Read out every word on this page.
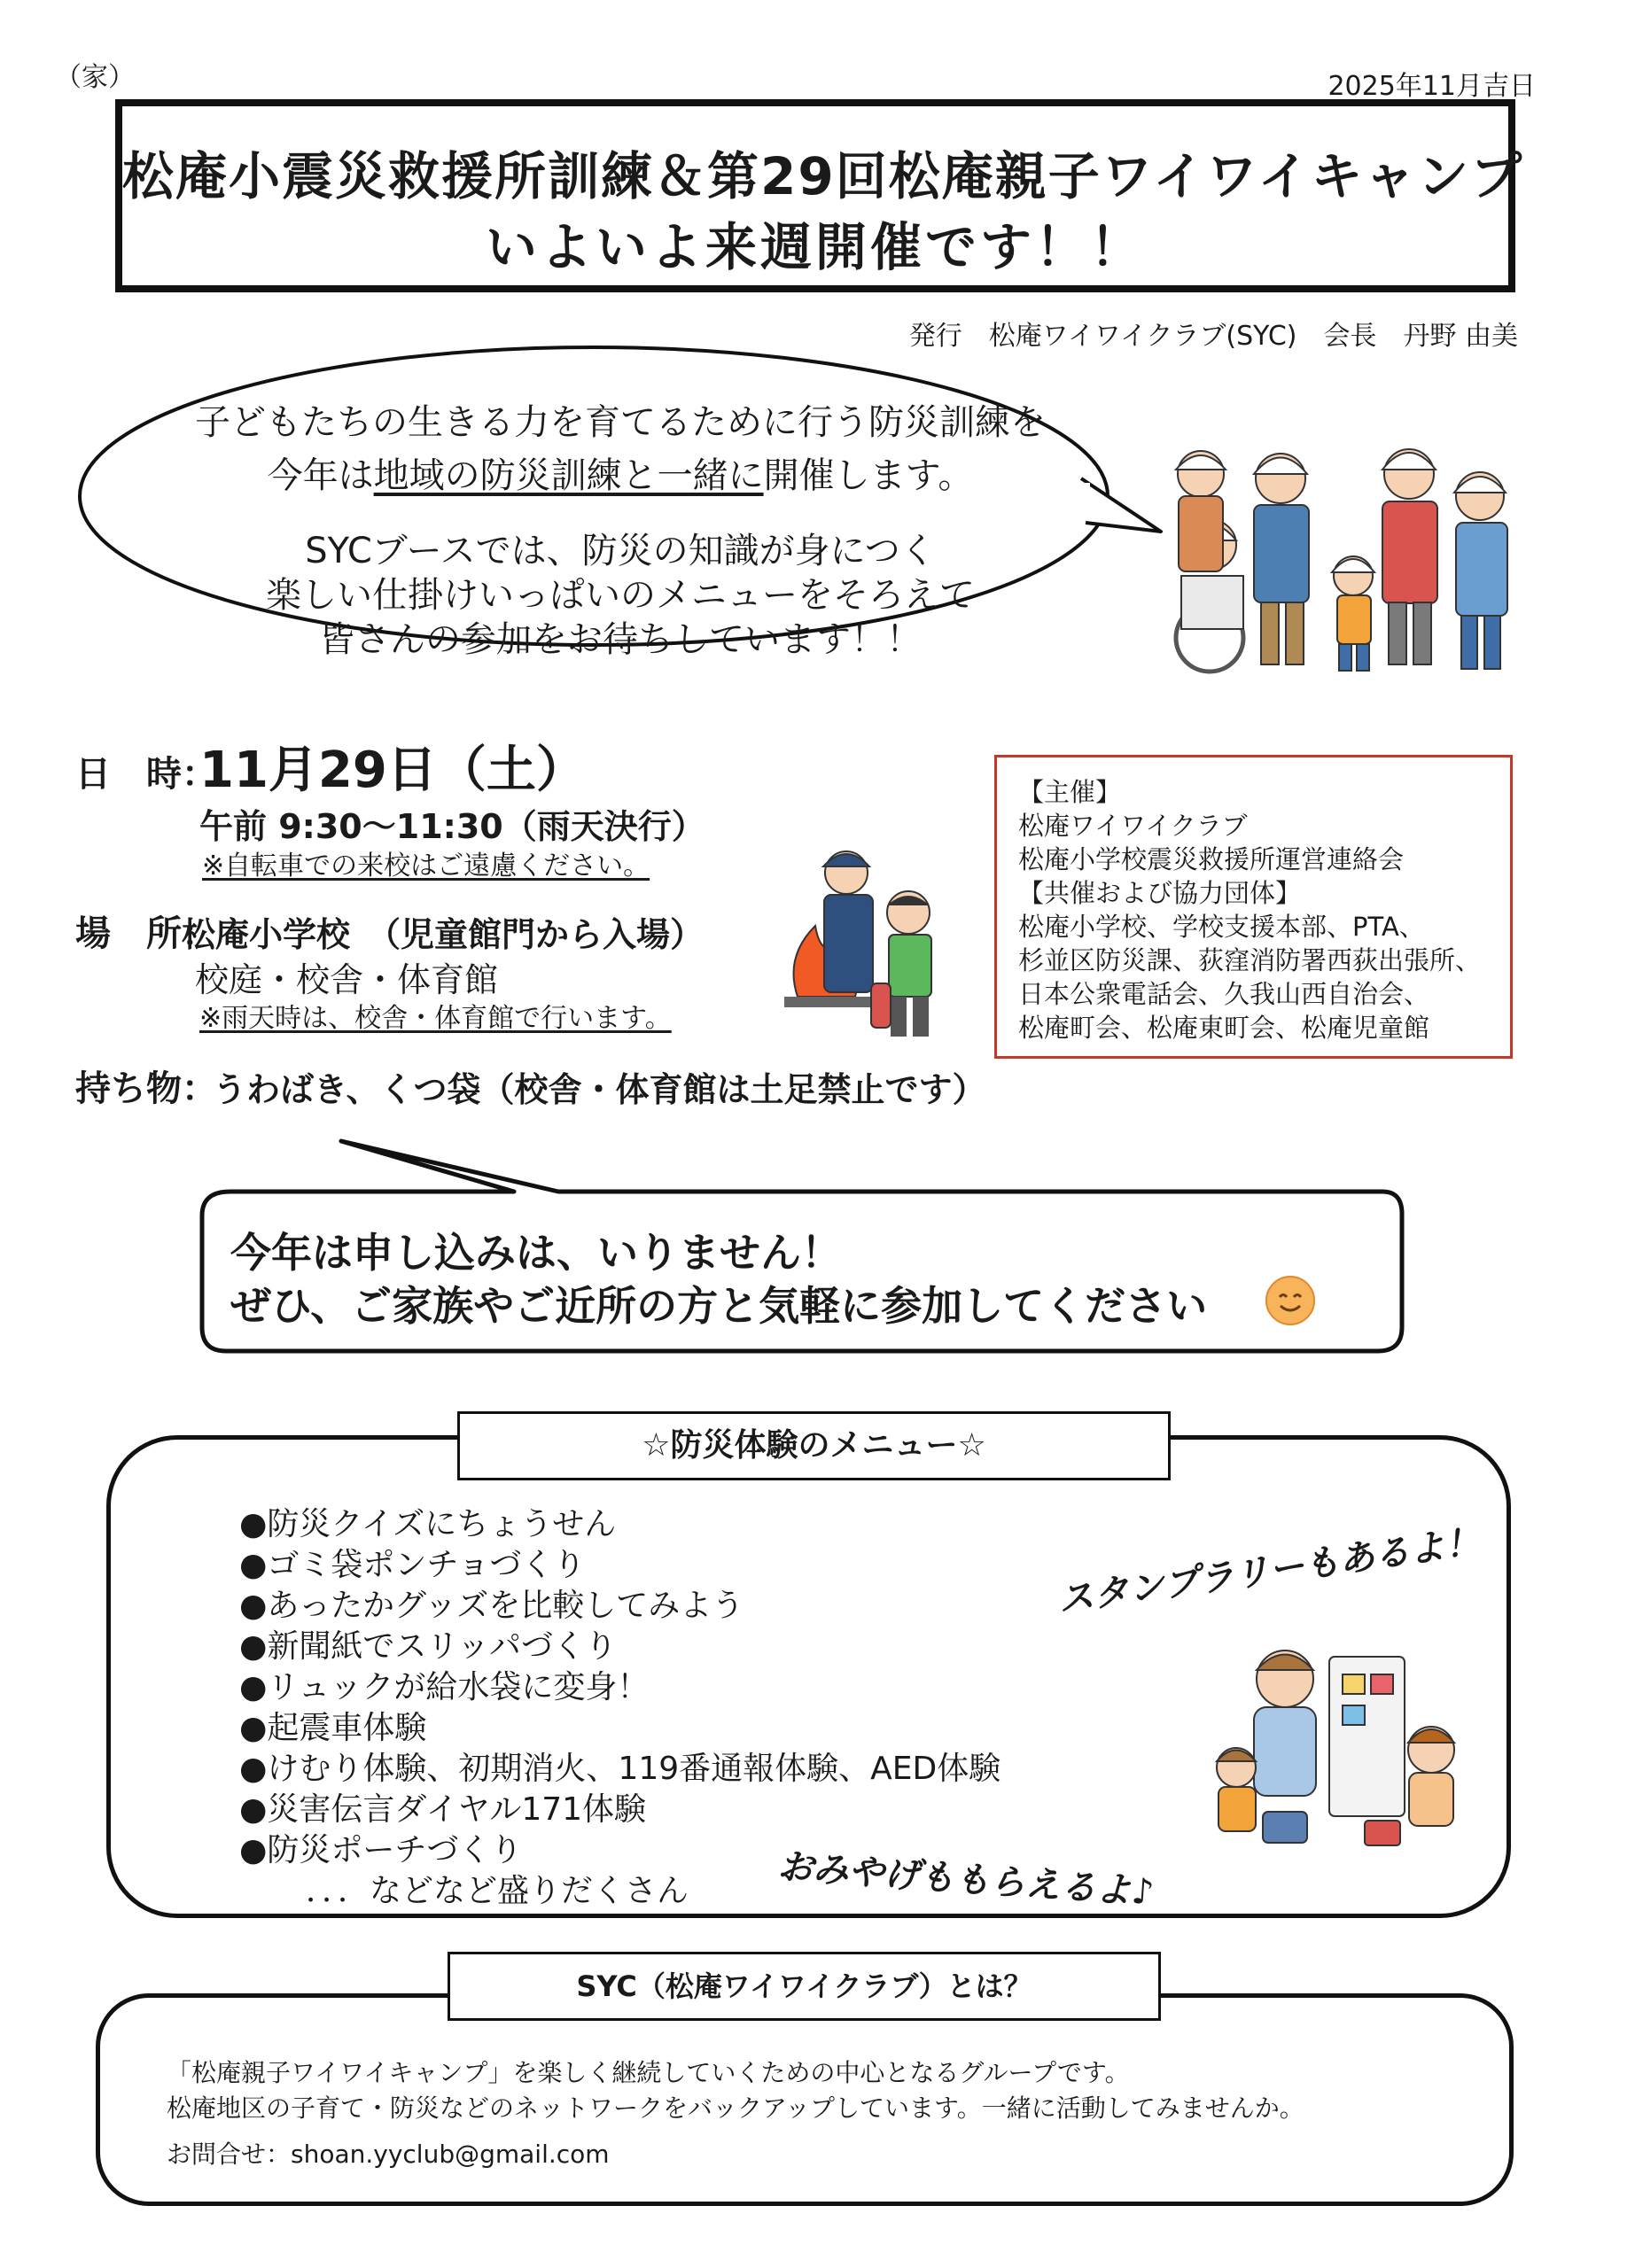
（家）	2025年11月吉日
松庵小震災救援所訓練＆第29回松庵親子ワイワイキャンプ
いよいよ来週開催です！！
発行　松庵ワイワイクラブ(SYC)　会長　丹野 由美
子どもたちの生きる力を育てるために行う防災訓練を
今年は地域の防災訓練と一緒に開催します。
SYCブースでは、防災の知識が身につく
楽しい仕掛けいっぱいのメニューをそろえて
皆さんの参加をお待ちしています！！
日　時：
11月29日（土）
午前 9:30～11:30（雨天決行）
※自転車での来校はご遠慮ください。
場　所：
松庵小学校　（児童館門から入場）
校庭・校舎・体育館
※雨天時は、校舎・体育館で行います。
持ち物：
うわばき、くつ袋（校舎・体育館は土足禁止です）
【主催】
松庵ワイワイクラブ
松庵小学校震災救援所運営連絡会
【共催および協力団体】
松庵小学校、学校支援本部、PTA、
杉並区防災課、荻窪消防署西荻出張所、
日本公衆電話会、久我山西自治会、
松庵町会、松庵東町会、松庵児童館
今年は申し込みは、いりません！
ぜひ、ご家族やご近所の方と気軽に参加してください
☆防災体験のメニュー☆
●防災クイズにちょうせん
●ゴミ袋ポンチョづくり
●あったかグッズを比較してみよう
●新聞紙でスリッパづくり
●リュックが給水袋に変身！
●起震車体験
●けむり体験、初期消火、119番通報体験、AED体験
●災害伝言ダイヤル171体験
●防災ポーチづくり
．．．などなど盛りだくさん
スタンプラリーもあるよ！
おみやげももらえるよ♪
SYC（松庵ワイワイクラブ）とは？
「松庵親子ワイワイキャンプ」を楽しく継続していくための中心となるグループです。
松庵地区の子育て・防災などのネットワークをバックアップしています。一緒に活動してみませんか。
お問合せ：shoan.yyclub@gmail.com
